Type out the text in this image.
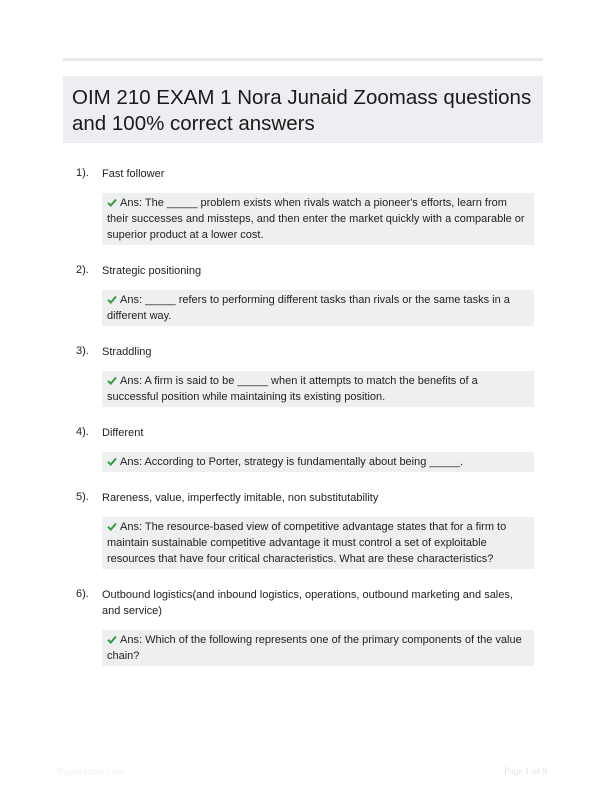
OIM 210 EXAM 1 Nora Junaid Zoomass questions and 100% correct answers
1). Fast follower
Ans: The _____ problem exists when rivals watch a pioneer's efforts, learn from their successes and missteps, and then enter the market quickly with a comparable or superior product at a lower cost.
2). Strategic positioning
Ans: _____ refers to performing different tasks than rivals or the same tasks in a different way.
3). Straddling
Ans: A firm is said to be _____ when it attempts to match the benefits of a successful position while maintaining its existing position.
4). Different
Ans: According to Porter, strategy is fundamentally about being _____.
5). Rareness, value, imperfectly imitable, non substitutability
Ans: The resource-based view of competitive advantage states that for a firm to maintain sustainable competitive advantage it must control a set of exploitable resources that have four critical characteristics. What are these characteristics?
6). Outbound logistics(and inbound logistics, operations, outbound marketing and sales, and service)
Ans: Which of the following represents one of the primary components of the value chain?
Paperstibic.com	Page 1 of 9
